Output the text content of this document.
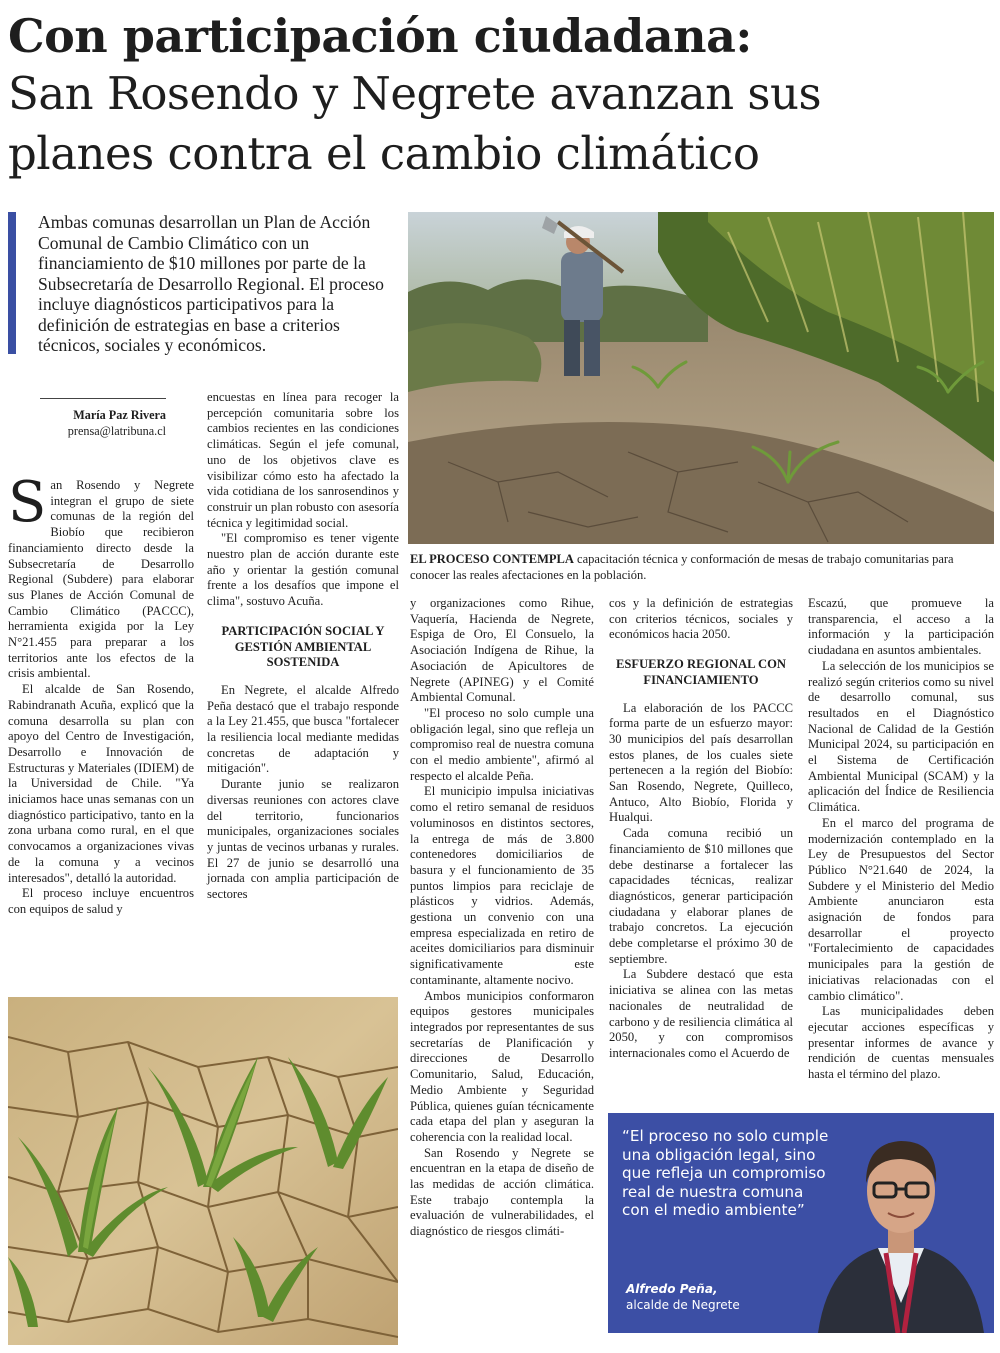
Con participación ciudadana:
San Rosendo y Negrete avanzan sus
planes contra el cambio climático
Ambas comunas desarrollan un Plan de Acción Comunal de Cambio Climático con un financiamiento de $10 millones por parte de la Subsecretaría de Desarrollo Regional. El proceso incluye diagnósticos participativos para la definición de estrategias en base a criterios técnicos, sociales y económicos.
EL PROCESO CONTEMPLA capacitación técnica y conformación de mesas de trabajo comunitarias para conocer las reales afectaciones en la población.
María Paz Rivera
prensa@latribuna.cl

San Rosendo y Negrete integran el grupo de siete comunas de la región del Biobío que recibieron financiamiento directo desde la Subsecretaría de Desarrollo Regional (Subdere) para elaborar sus Planes de Acción Comunal de Cambio Climático (PACCC), herramienta exigida por la Ley N°21.455 para preparar a los territorios ante los efectos de la crisis ambiental.

El alcalde de San Rosendo, Rabindranath Acuña, explicó que la comuna desarrolla su plan con apoyo del Centro de Investigación, Desarrollo e Innovación de Estructuras y Materiales (IDIEM) de la Universidad de Chile. "Ya iniciamos hace unas semanas con un diagnóstico participativo, tanto en la zona urbana como rural, en el que convocamos a organizaciones vivas de la comuna y a vecinos interesados", detalló la autoridad.

El proceso incluye encuentros con equipos de salud y

encuestas en línea para recoger la percepción comunitaria sobre los cambios recientes en las condiciones climáticas. Según el jefe comunal, uno de los objetivos clave es visibilizar cómo esto ha afectado la vida cotidiana de los sanrosendinos y construir un plan robusto con asesoría técnica y legitimidad social.

"El compromiso es tener vigente nuestro plan de acción durante este año y orientar la gestión comunal frente a los desafíos que impone el clima", sostuvo Acuña.

PARTICIPACIÓN SOCIAL Y GESTIÓN AMBIENTAL SOSTENIDA

En Negrete, el alcalde Alfredo Peña destacó que el trabajo responde a la Ley 21.455, que busca "fortalecer la resiliencia local mediante medidas concretas de adaptación y mitigación".

Durante junio se realizaron diversas reuniones con actores clave del territorio, funcionarios municipales, organizaciones sociales y juntas de vecinos urbanas y rurales. El 27 de junio se desarrolló una jornada con amplia participación de sectores

y organizaciones como Rihue, Vaquería, Hacienda de Negrete, Espiga de Oro, El Consuelo, la Asociación Indígena de Rihue, la Asociación de Apicultores de Negrete (APINEG) y el Comité Ambiental Comunal.

"El proceso no solo cumple una obligación legal, sino que refleja un compromiso real de nuestra comuna con el medio ambiente", afirmó al respecto el alcalde Peña.

El municipio impulsa iniciativas como el retiro semanal de residuos voluminosos en distintos sectores, la entrega de más de 3.800 contenedores domiciliarios de basura y el funcionamiento de 35 puntos limpios para reciclaje de plásticos y vidrios. Además, gestiona un convenio con una empresa especializada en retiro de aceites domiciliarios para disminuir significativamente este contaminante, altamente nocivo.

Ambos municipios conformaron equipos gestores municipales integrados por representantes de sus secretarías de Planificación y direcciones de Desarrollo Comunitario, Salud, Educación, Medio Ambiente y Seguridad Pública, quienes guían técnicamente cada etapa del plan y aseguran la coherencia con la realidad local.

San Rosendo y Negrete se encuentran en la etapa de diseño de las medidas de acción climática. Este trabajo contempla la evaluación de vulnerabilidades, el diagnóstico de riesgos climáti-

cos y la definición de estrategias con criterios técnicos, sociales y económicos hacia 2050.

ESFUERZO REGIONAL CON FINANCIAMIENTO

La elaboración de los PACCC forma parte de un esfuerzo mayor: 30 municipios del país desarrollan estos planes, de los cuales siete pertenecen a la región del Biobío: San Rosendo, Negrete, Quilleco, Antuco, Alto Biobío, Florida y Hualqui.

Cada comuna recibió un financiamiento de $10 millones que debe destinarse a fortalecer las capacidades técnicas, realizar diagnósticos, generar participación ciudadana y elaborar planes de trabajo concretos. La ejecución debe completarse el próximo 30 de septiembre.

La Subdere destacó que esta iniciativa se alinea con las metas nacionales de neutralidad de carbono y de resiliencia climática al 2050, y con compromisos internacionales como el Acuerdo de

Escazú, que promueve la transparencia, el acceso a la información y la participación ciudadana en asuntos ambientales.

La selección de los municipios se realizó según criterios como su nivel de desarrollo comunal, sus resultados en el Diagnóstico Nacional de Calidad de la Gestión Municipal 2024, su participación en el Sistema de Certificación Ambiental Municipal (SCAM) y la aplicación del Índice de Resiliencia Climática.

En el marco del programa de modernización contemplado en la Ley de Presupuestos del Sector Público N°21.640 de 2024, la Subdere y el Ministerio del Medio Ambiente anunciaron esta asignación de fondos para desarrollar el proyecto "Fortalecimiento de capacidades municipales para la gestión de iniciativas relacionadas con el cambio climático".

Las municipalidades deben ejecutar acciones específicas y presentar informes de avance y rendición de cuentas mensuales hasta el término del plazo.

“El proceso no solo cumple una obligación legal, sino que refleja un compromiso real de nuestra comuna con el medio ambiente”
Alfredo Peña,
alcalde de Negrete
